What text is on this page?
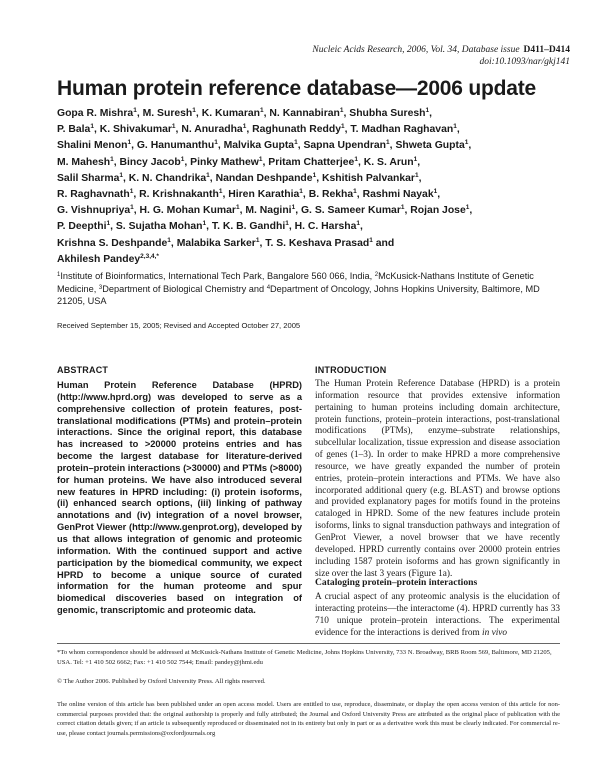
Nucleic Acids Research, 2006, Vol. 34, Database issue D411–D414
doi:10.1093/nar/gkj141
Human protein reference database—2006 update
Gopa R. Mishra$^1$, M. Suresh$^1$, K. Kumaran$^1$, N. Kannabiran$^1$, Shubha Suresh$^1$,
P. Bala$^1$, K. Shivakumar$^1$, N. Anuradha$^1$, Raghunath Reddy$^1$, T. Madhan Raghavan$^1$,
Shalini Menon$^1$, G. Hanumanthu$^1$, Malvika Gupta$^1$, Sapna Upendran$^1$, Shweta Gupta$^1$,
M. Mahesh$^1$, Bincy Jacob$^1$, Pinky Mathew$^1$, Pritam Chatterjee$^1$, K. S. Arun$^1$,
Salil Sharma$^1$, K. N. Chandrika$^1$, Nandan Deshpande$^1$, Kshitish Palvankar$^1$,
R. Raghavnath$^1$, R. Krishnakanth$^1$, Hiren Karathia$^1$, B. Rekha$^1$, Rashmi Nayak$^1$,
G. Vishnupriya$^1$, H. G. Mohan Kumar$^1$, M. Nagini$^1$, G. S. Sameer Kumar$^1$, Rojan Jose$^1$,
P. Deepthi$^1$, S. Sujatha Mohan$^1$, T. K. B. Gandhi$^1$, H. C. Harsha$^1$,
Krishna S. Deshpande$^1$, Malabika Sarker$^1$, T. S. Keshava Prasad$^1$ and
Akhilesh Pandey$^{2,3,4,*}$
$^1$Institute of Bioinformatics, International Tech Park, Bangalore 560 066, India, $^2$McKusick-Nathans Institute of Genetic Medicine, $^3$Department of Biological Chemistry and $^4$Department of Oncology, Johns Hopkins University, Baltimore, MD 21205, USA
Received September 15, 2005; Revised and Accepted October 27, 2005
ABSTRACT
Human Protein Reference Database (HPRD) (http://www.hprd.org) was developed to serve as a comprehensive collection of protein features, post-translational modifications (PTMs) and protein–protein interactions. Since the original report, this database has increased to >20000 proteins entries and has become the largest database for literature-derived protein–protein interactions (>30000) and PTMs (>8000) for human proteins. We have also introduced several new features in HPRD including: (i) protein isoforms, (ii) enhanced search options, (iii) linking of pathway annotations and (iv) integration of a novel browser, GenProt Viewer (http://www.genprot.org), developed by us that allows integration of genomic and proteomic information. With the continued support and active participation by the biomedical community, we expect HPRD to become a unique source of curated information for the human proteome and spur biomedical discoveries based on integration of genomic, transcriptomic and proteomic data.
INTRODUCTION
The Human Protein Reference Database (HPRD) is a protein information resource that provides extensive information pertaining to human proteins including domain architecture, protein functions, protein–protein interactions, post-translational modifications (PTMs), enzyme–substrate relationships, subcellular localization, tissue expression and disease association of genes (1–3). In order to make HPRD a more comprehensive resource, we have greatly expanded the number of protein entries, protein–protein interactions and PTMs. We have also incorporated additional query (e.g. BLAST) and browse options and provided explanatory pages for motifs found in the proteins cataloged in HPRD. Some of the new features include protein isoforms, links to signal transduction pathways and integration of GenProt Viewer, a novel browser that we have recently developed. HPRD currently contains over 20000 protein entries including 1587 protein isoforms and has grown significantly in size over the last 3 years (Figure 1a).
Cataloging protein–protein interactions
A crucial aspect of any proteomic analysis is the elucidation of interacting proteins—the interactome (4). HPRD currently has 33 710 unique protein–protein interactions. The experimental evidence for the interactions is derived from in vivo
*To whom correspondence should be addressed at McKusick-Nathans Institute of Genetic Medicine, Johns Hopkins University, 733 N. Broadway, BRB Room 569, Baltimore, MD 21205, USA. Tel: +1 410 502 6662; Fax: +1 410 502 7544; Email: pandey@jhmi.edu
© The Author 2006. Published by Oxford University Press. All rights reserved.
The online version of this article has been published under an open access model. Users are entitled to use, reproduce, disseminate, or display the open access version of this article for non-commercial purposes provided that: the original authorship is properly and fully attributed; the Journal and Oxford University Press are attributed as the original place of publication with the correct citation details given; if an article is subsequently reproduced or disseminated not in its entirety but only in part or as a derivative work this must be clearly indicated. For commercial re-use, please contact journals.permissions@oxfordjournals.org
